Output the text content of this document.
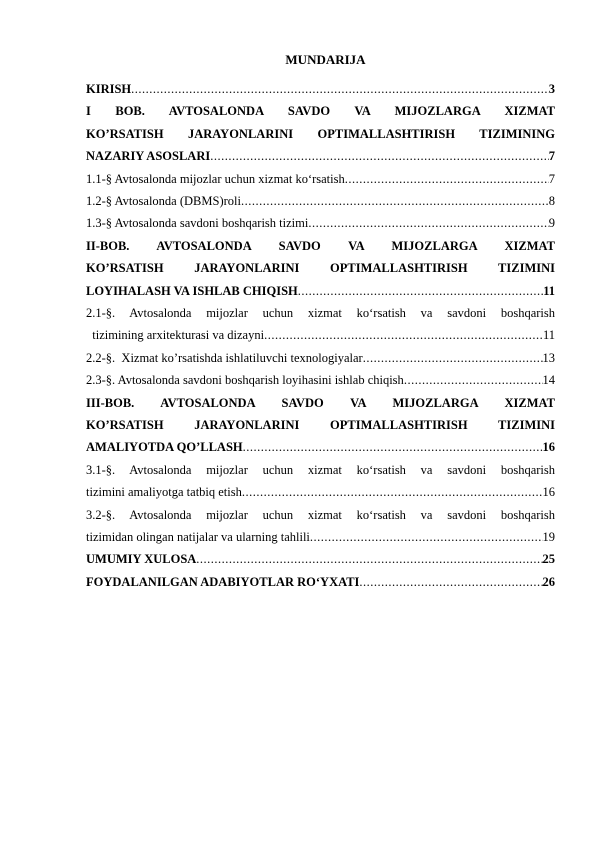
MUNDARIJA
KIRISH .....	3
I BOB. AVTOSALONDA SAVDO VA MIJOZLARGA XIZMAT
KO’RSATISH JARAYONLARINI OPTIMALLASHTIRISH TIZIMINING
NAZARIY ASOSLARI .....	7
1.1-§ Avtosalonda mijozlar uchun xizmat ko‘rsatish .....	7
1.2-§ Avtosalonda (DBMS)roli .....	8
1.3-§ Avtosalonda savdoni boshqarish tizimi .....	9
II-BOB. AVTOSALONDA SAVDO VA MIJOZLARGA XIZMAT
KO’RSATISH JARAYONLARINI OPTIMALLASHTIRISH TIZIMINI
LOYIHALASH VA ISHLAB CHIQISH .....	11
2.1-§. Avtosalonda mijozlar uchun xizmat ko‘rsatish va savdoni boshqarish
tizimining arxitekturasi va dizayni .....	11
2.2-§.  Xizmat ko’rsatishda ishlatiluvchi texnologiyalar .....	13
2.3-§. Avtosalonda savdoni boshqarish loyihasini ishlab chiqish .....	14
III-BOB. AVTOSALONDA SAVDO VA MIJOZLARGA XIZMAT
KO’RSATISH JARAYONLARINI OPTIMALLASHTIRISH TIZIMINI
AMALIYOTDA QO’LLASH .....	16
3.1-§. Avtosalonda mijozlar uchun xizmat ko‘rsatish va savdoni boshqarish
tizimini amaliyotga tatbiq etish .....	16
3.2-§. Avtosalonda mijozlar uchun xizmat ko‘rsatish va savdoni boshqarish
tizimidan olingan natijalar va ularning tahlili .....	19
UMUMIY XULOSA .....	25
FOYDALANILGAN ADABIYOTLAR RO‘YXATI .....	26
